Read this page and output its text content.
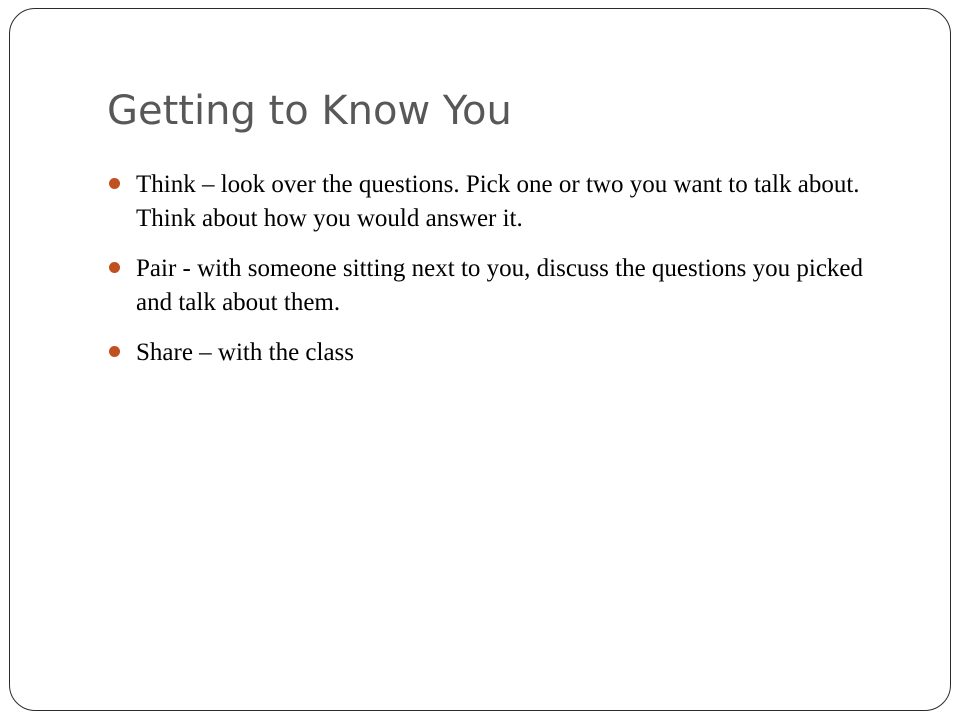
Getting to Know You
Think – look over the questions. Pick one or two you want to talk about. Think about how you would answer it.
Pair - with someone sitting next to you, discuss the questions you picked and talk about them.
Share – with the class
